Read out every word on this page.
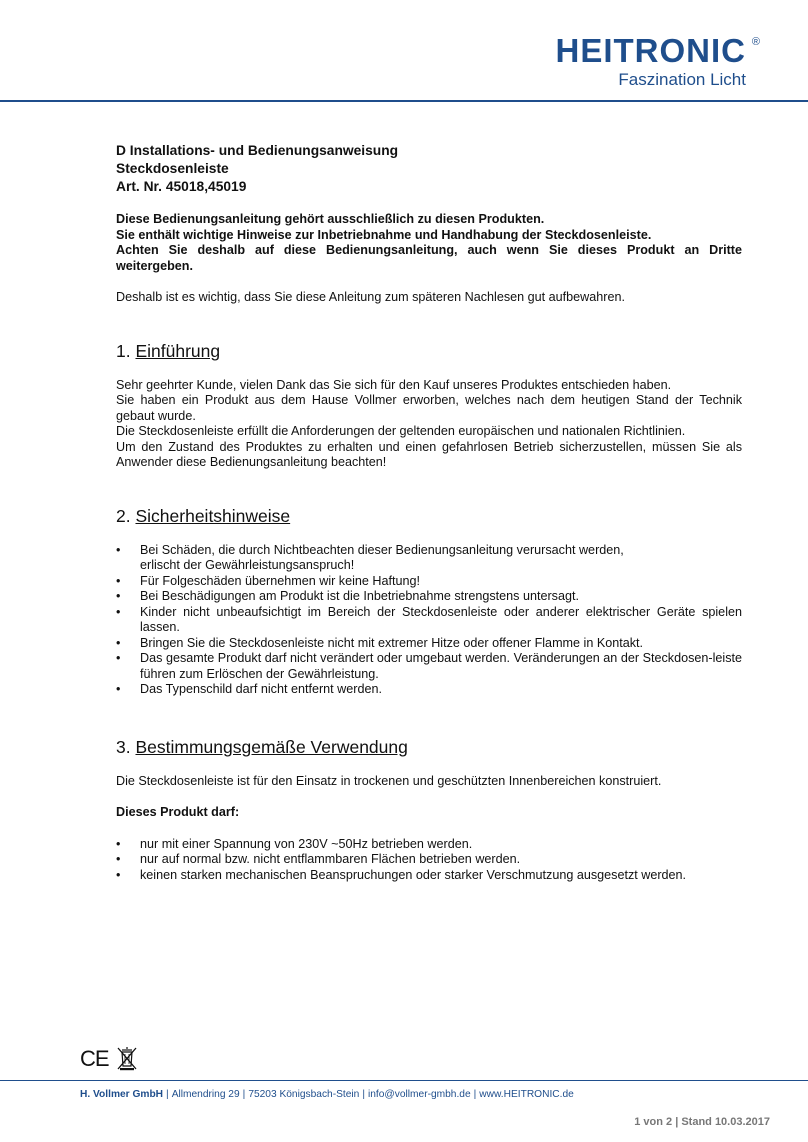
HEITRONIC ®
Faszination Licht
D Installations- und Bedienungsanweisung
Steckdosenleiste
Art. Nr. 45018,45019
Diese Bedienungsanleitung gehört ausschließlich zu diesen Produkten.
Sie enthält wichtige Hinweise zur Inbetriebnahme und Handhabung der Steckdosenleiste.
Achten Sie deshalb auf diese Bedienungsanleitung, auch wenn Sie dieses Produkt an Dritte weitergeben.
Deshalb ist es wichtig, dass Sie diese Anleitung zum späteren Nachlesen gut aufbewahren.
1. Einführung
Sehr geehrter Kunde, vielen Dank das Sie sich für den Kauf unseres Produktes entschieden haben.
Sie haben ein Produkt aus dem Hause Vollmer erworben, welches nach dem heutigen Stand der Technik gebaut wurde.
Die Steckdosenleiste erfüllt die Anforderungen der geltenden europäischen und nationalen Richtlinien.
Um den Zustand des Produktes zu erhalten und einen gefahrlosen Betrieb sicherzustellen, müssen Sie als Anwender diese Bedienungsanleitung beachten!
2. Sicherheitshinweise
• Bei Schäden, die durch Nichtbeachten dieser Bedienungsanleitung verursacht werden,
erlischt der Gewährleistungsanspruch!
• Für Folgeschäden übernehmen wir keine Haftung!
• Bei Beschädigungen am Produkt ist die Inbetriebnahme strengstens untersagt.
• Kinder nicht unbeaufsichtigt im Bereich der Steckdosenleiste oder anderer elektrischer Geräte spielen lassen.
• Bringen Sie die Steckdosenleiste nicht mit extremer Hitze oder offener Flamme in Kontakt.
• Das gesamte Produkt darf nicht verändert oder umgebaut werden. Veränderungen an der Steckdosen-leiste führen zum Erlöschen der Gewährleistung.
• Das Typenschild darf nicht entfernt werden.
3. Bestimmungsgemäße Verwendung
Die Steckdosenleiste ist für den Einsatz in trockenen und geschützten Innenbereichen konstruiert.
Dieses Produkt darf:
• nur mit einer Spannung von 230V ~50Hz betrieben werden.
• nur auf normal bzw. nicht entflammbaren Flächen betrieben werden.
• keinen starken mechanischen Beanspruchungen oder starker Verschmutzung ausgesetzt werden.
CE
H. Vollmer GmbH | Allmendring 29 | 75203 Königsbach-Stein | info@vollmer-gmbh.de | www.HEITRONIC.de
1 von 2 | Stand 10.03.2017
